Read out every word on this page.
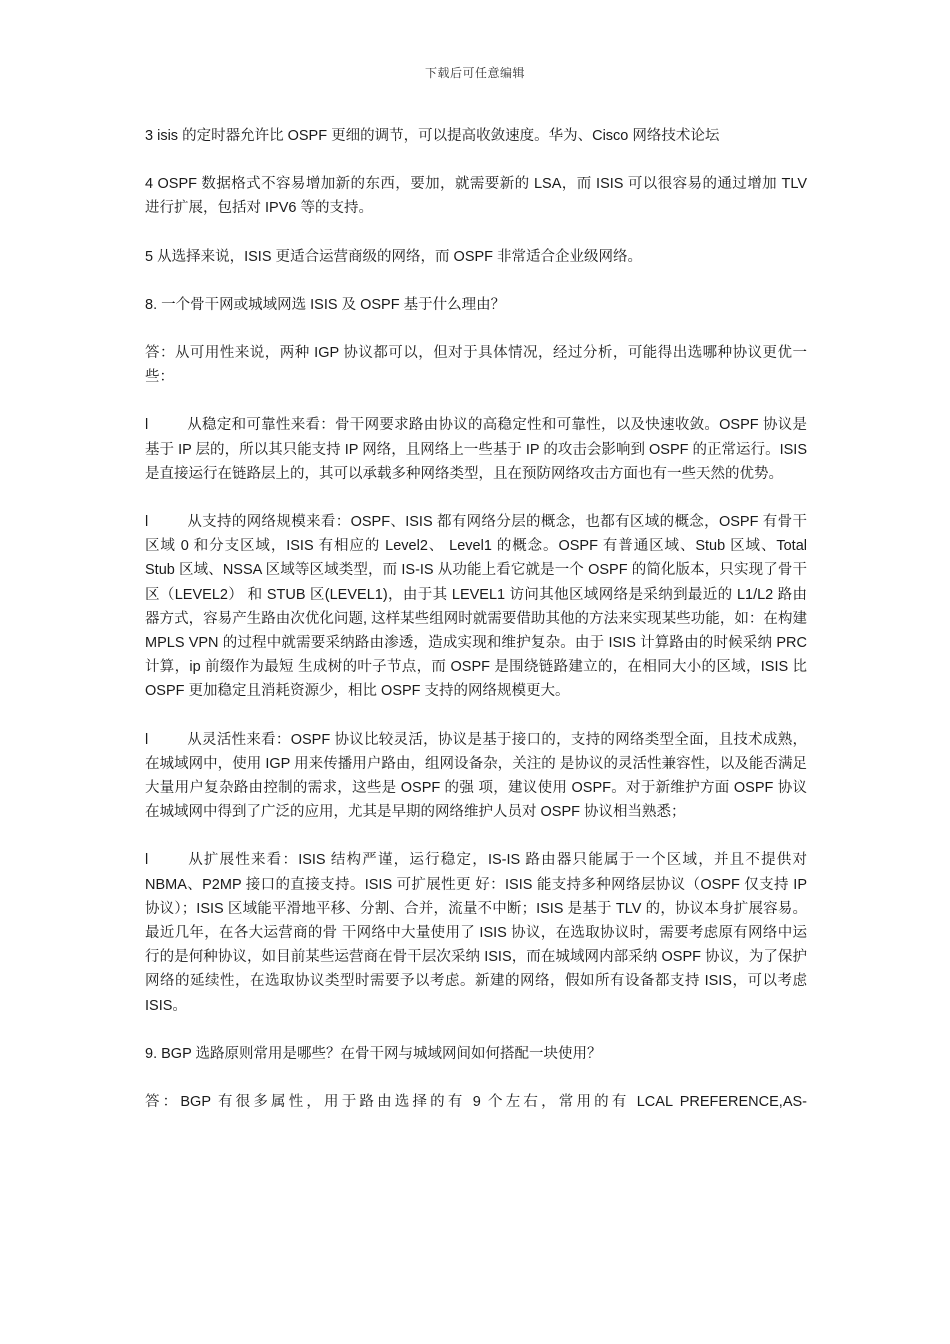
下载后可任意编辑

3 isis 的定时器允许比 OSPF 更细的调节，可以提高收敛速度。华为、Cisco 网络技术论坛

4 OSPF 数据格式不容易增加新的东西，要加，就需要新的 LSA，而 ISIS 可以很容易的通过增加 TLV 进行扩展，包括对 IPV6 等的支持。

5 从选择来说，ISIS 更适合运营商级的网络，而 OSPF 非常适合企业级网络。

8. 一个骨干网或城域网选 ISIS 及 OSPF 基于什么理由？

答：从可用性来说，两种 IGP 协议都可以，但对于具体情况，经过分析，可能得出选哪种协议更优一些：

l	从稳定和可靠性来看：骨干网要求路由协议的高稳定性和可靠性，以及快速收敛。OSPF 协议是基于 IP 层的，所以其只能支持 IP 网络，且网络上一些基于 IP 的攻击会影响到 OSPF 的正常运行。ISIS 是直接运行在链路层上的，其可以承载多种网络类型，且在预防网络攻击方面也有一些天然的优势。

l	从支持的网络规模来看：OSPF、ISIS 都有网络分层的概念，也都有区域的概念，OSPF 有骨干区域 0 和分支区域，ISIS 有相应的 Level2、 Level1 的概念。OSPF 有普通区域、Stub 区域、Total Stub 区域、NSSA 区域等区域类型，而 IS-IS 从功能上看它就是一个 OSPF 的简化版本，只实现了骨干区（LEVEL2） 和 STUB 区(LEVEL1)，由于其 LEVEL1 访问其他区域网络是采纳到最近的 L1/L2 路由器方式，容易产生路由次优化问题, 这样某些组网时就需要借助其他的方法来实现某些功能，如：在构建 MPLS VPN 的过程中就需要采纳路由渗透，造成实现和维护复杂。由于 ISIS 计算路由的时候采纳 PRC 计算，ip 前缀作为最短 生成树的叶子节点，而 OSPF 是围绕链路建立的，在相同大小的区域，ISIS 比 OSPF 更加稳定且消耗资源少，相比 OSPF 支持的网络规模更大。

l	从灵活性来看：OSPF 协议比较灵活，协议是基于接口的，支持的网络类型全面，且技术成熟，在城域网中，使用 IGP 用来传播用户路由，组网设备杂，关注的 是协议的灵活性兼容性，以及能否满足大量用户复杂路由控制的需求，这些是 OSPF 的强 项，建议使用 OSPF。对于新维护方面 OSPF 协议在城域网中得到了广泛的应用，尤其是早期的网络维护人员对 OSPF 协议相当熟悉；

l	从扩展性来看：ISIS 结构严谨，运行稳定，IS-IS 路由器只能属于一个区域，并且不提供对 NBMA、P2MP 接口的直接支持。ISIS 可扩展性更 好：ISIS 能支持多种网络层协议（OSPF 仅支持 IP 协议）；ISIS 区域能平滑地平移、分割、合并，流量不中断；ISIS 是基于 TLV 的，协议本身扩展容易。最近几年，在各大运营商的骨 干网络中大量使用了 ISIS 协议，在选取协议时，需要考虑原有网络中运行的是何种协议，如目前某些运营商在骨干层次采纳 ISIS，而在城域网内部采纳 OSPF 协议，为了保护网络的延续性，在选取协议类型时需要予以考虑。新建的网络，假如所有设备都支持 ISIS，可以考虑 ISIS。

9. BGP 选路原则常用是哪些？在骨干网与城域网间如何搭配一块使用？

答：BGP 有很多属性，用于路由选择的有 9 个左右，常用的有 LCAL PREFERENCE,AS-
